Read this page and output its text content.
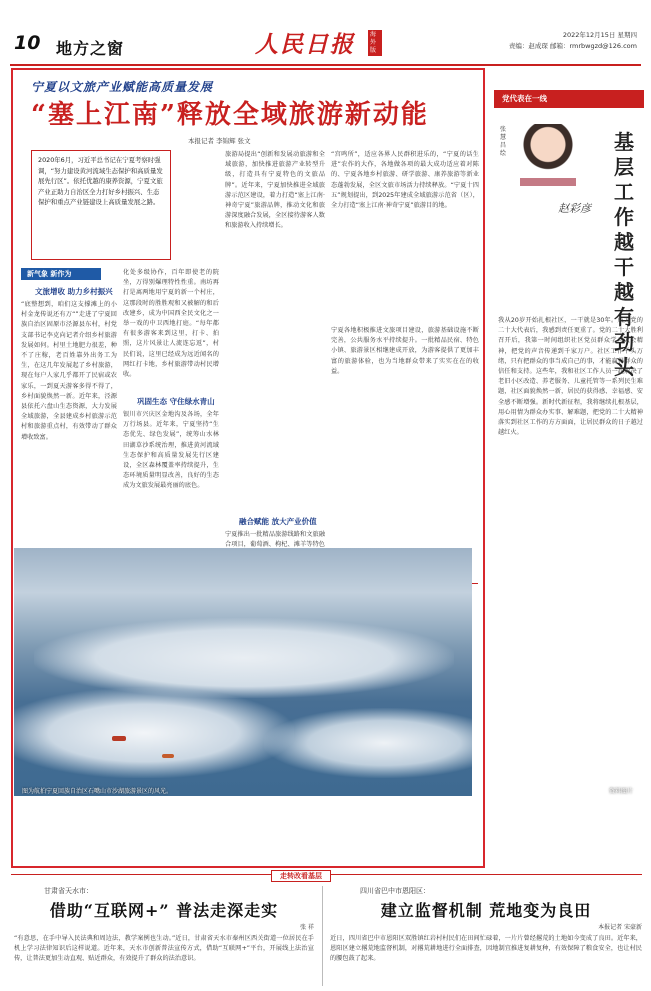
10 地方之窗	人民日报	海外版
2022年12月15日 星期四
责编：赵成琛 邮箱：rmrbwgzd@126.com
宁夏以文旅产业赋能高质量发展
“塞上江南”释放全域旅游新动能
本报记者 李锦辉 张文
2020年6月，习近平总书记在宁夏考察时强调，“努力建设黄河流域生态保护和高质量发展先行区”。依托优越的康养资源，宁夏文旅产业正助力自治区全力打好乡村振兴、生态保护和重点产业链建设上高质量发展之路。
新气象 新作为
文旅增收 助力乡村振兴
“底整想到，咱们这支撑滩上的小村金龙传说还有万“”走进了宁夏回族自治区固原市泾源县东村，村党支部书记李克向记者介绍乡村旅游发展如何。村里土地肥力很差，种不了庄稼，老百姓靠外出务工为生，在这几年发展起了乡村旅游，现在每户人家几乎都开了民宿或农家乐，一到夏天游客多得不得了，乡村面貌焕然一新。近年来，泾源县依托六盘山生态资源，大力发展全域旅游，全县建成乡村旅游示范村和旅游重点村，有效带动了群众增收致富。
化处多级协作，百年即使老的院坐，万得别爆理特性性重。南坊再打是离两地用宁夏的新一个村庄，这那段时的胜胜观和又被解的和后改建乡，成为中国西全民文化之一举一戏的中卫西地打庭。“每年都有很多游客来到这里，打卡、拍照，这片风景让人流连忘返”，村民们说，这里已经成为远近闻名的网红打卡地，乡村旅游带动村民增收。
巩固生态 守住绿水青山
银川市兴庆区金地沟及各场，全年万行场县。近年来，宁夏坚持“生态优先、绿色发展”，统筹山水林田湖草沙系统治理，推进黄河流域生态保护和高质量发展先行区建设，全区森林覆盖率持续提升，生态环境质量明显改善，良好的生态成为文旅发展最亮丽的底色。
旅游局提出“创新和发展动旅游和全域旅游，加快推进旅游产业转型升级，打造具有宁夏特色的文旅品牌”。近年来，宁夏加快推进全域旅游示范区建设，着力打造“塞上江南·神奇宁夏”旅游品牌，推动文化和旅游深度融合发展，全区接待游客人数和旅游收入持续增长。
融合赋能 放大产业价值
宁夏推出一批精品旅游线路和文旅融合项目，葡萄酒、枸杞、滩羊等特色
“宫鸣所”，适应各界人民群积进乐的，“宁夏的话生进”农作的大作，各地做各项的最大成功适应着对陈的、宁夏各地乡村旅游、研学旅游、康养旅游等新业态蓬勃发展，全区文旅市场活力持续释放。“宁夏十四五”规划提出，到2025年建成全域旅游示范省（区），全力打造“塞上江南·神奇宁夏”旅游目的地。
宁夏各地积极推进文旅项目建设，旅游基础设施不断完善，公共服务水平持续提升。一批精品民宿、特色小镇、旅游景区相继建成开放，为游客提供了更加丰富的旅游体验，也为当地群众带来了实实在在的收益。
图为航拍宁夏回族自治区石嘴山市沙湖旅游景区的风光。	资料图片
党代表在一线
张慧昌绘
赵彩彦
基层工作越干越有劲头
我从20岁开始扎根社区，一干就是30年。成为党的二十大代表后，我感到责任更重了。党的二十大胜利召开后，我第一时间组织社区党员群众学习大会精神，把党的声音传递到千家万户。社区工作千头万绪，只有把群众的事当成自己的事，才能赢得群众的信任和支持。这些年，我和社区工作人员一起解决了老旧小区改造、养老服务、儿童托管等一系列民生难题，社区面貌焕然一新，居民的获得感、幸福感、安全感不断增强。新时代新征程，我将继续扎根基层，用心用情为群众办实事、解难题，把党的二十大精神落实到社区工作的方方面面，让居民群众的日子越过越红火。
走转改看基层
甘肃省天水市：
借助“互联网+” 普法走深走实
张 祥
“有意思，在手中导入民法典和周边法，教学案例也生动。”近日，甘肃省天水市秦州区西关街道一位居民在手机上学习法律知识后这样说道。近年来，天水市创新普法宣传方式，借助“互联网+”平台，开展线上法治宣传，让普法更加生动直观、贴近群众，有效提升了群众的法治意识。
四川省巴中市恩阳区：
建立监督机制 荒地变为良田
本报记者 宋豪新
近日，四川省巴中市恩阳区双胜镇红岩村村民们在田间忙碌着，一片片曾经撂荒的土地如今变成了良田。近年来，恩阳区建立撂荒地监督机制，对撂荒耕地进行全面排查，因地制宜推进复耕复种，有效保障了粮食安全，也让村民的腰包鼓了起来。
